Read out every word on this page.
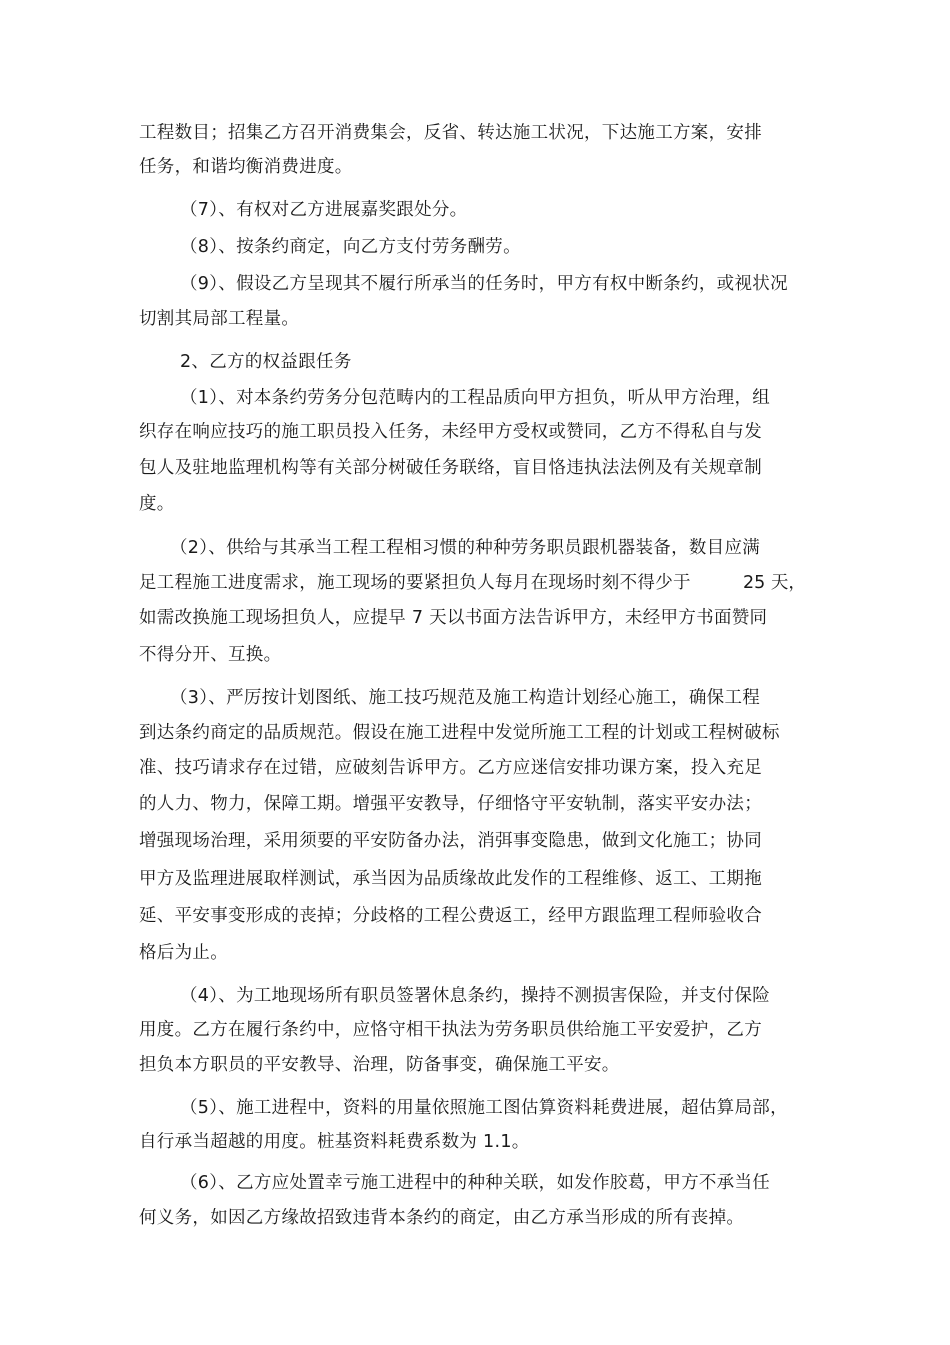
工程数目；招集乙方召开消费集会，反省、转达施工状况，下达施工方案，安排
任务，和谐均衡消费进度。
（7）、有权对乙方进展嘉奖跟处分。
（8）、按条约商定，向乙方支付劳务酬劳。
（9）、假设乙方呈现其不履行所承当的任务时，甲方有权中断条约，或视状况
切割其局部工程量。
2、乙方的权益跟任务
（1）、对本条约劳务分包范畴内的工程品质向甲方担负，听从甲方治理，组
织存在响应技巧的施工职员投入任务，未经甲方受权或赞同，乙方不得私自与发
包人及驻地监理机构等有关部分树破任务联络，盲目恪违执法法例及有关规章制
度。
（2）、供给与其承当工程工程相习惯的种种劳务职员跟机器装备，数目应满
足工程施工进度需求，施工现场的要紧担负人每月在现场时刻不得少于	25 天，
如需改换施工现场担负人，应提早 7 天以书面方法告诉甲方，未经甲方书面赞同
不得分开、互换。
（3）、严厉按计划图纸、施工技巧规范及施工构造计划经心施工，确保工程
到达条约商定的品质规范。假设在施工进程中发觉所施工工程的计划或工程树破标
准、技巧请求存在过错，应破刻告诉甲方。乙方应迷信安排功课方案，投入充足
的人力、物力，保障工期。增强平安教导，仔细恪守平安轨制，落实平安办法；
增强现场治理，采用须要的平安防备办法，消弭事变隐患，做到文化施工；协同
甲方及监理进展取样测试，承当因为品质缘故此发作的工程维修、返工、工期拖
延、平安事变形成的丧掉；分歧格的工程公费返工，经甲方跟监理工程师验收合
格后为止。
（4）、为工地现场所有职员签署休息条约，操持不测损害保险，并支付保险
用度。乙方在履行条约中，应恪守相干执法为劳务职员供给施工平安爱护，乙方
担负本方职员的平安教导、治理，防备事变，确保施工平安。
（5）、施工进程中，资料的用量依照施工图估算资料耗费进展，超估算局部，
自行承当超越的用度。桩基资料耗费系数为 1.1。
（6）、乙方应处置幸亏施工进程中的种种关联，如发作胶葛，甲方不承当任
何义务，如因乙方缘故招致违背本条约的商定，由乙方承当形成的所有丧掉。
